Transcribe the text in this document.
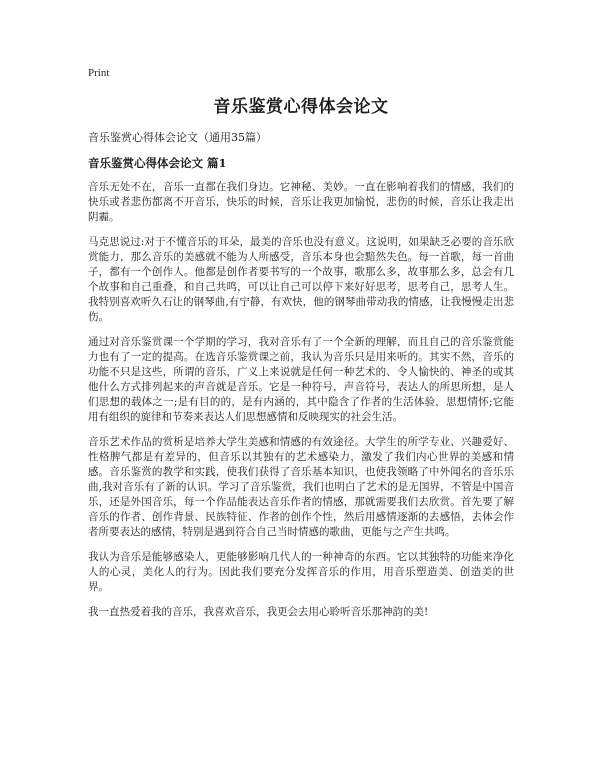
Print
音乐鉴赏心得体会论文
音乐鉴赏心得体会论文（通用35篇）
音乐鉴赏心得体会论文 篇1

音乐无处不在，音乐一直都在我们身边。它神秘、美妙。一直在影响着我们的情感，我们的快乐或者悲伤都离不开音乐，快乐的时候，音乐让我更加愉悦，悲伤的时候，音乐让我走出阴霾。

马克思说过:对于不懂音乐的耳朵，最美的音乐也没有意义。这说明，如果缺乏必要的音乐欣赏能力，那么音乐的美感就不能为人所感受，音乐本身也会黯然失色。每一首歌，每一首曲子，都有一个创作人。他都是创作者要书写的一个故事，歌那么多，故事那么多，总会有几个故事和自己重叠，和自己共鸣，可以让自己可以停下来好好思考，思考自己，思考人生。我特别喜欢听久石让的钢琴曲,有宁静，有欢快，他的钢琴曲带动我的情感，让我慢慢走出悲伤。

通过对音乐鉴赏课一个学期的学习，我对音乐有了一个全新的理解，而且自己的音乐鉴赏能力也有了一定的提高。在选音乐鉴赏课之前，我认为音乐只是用来听的。其实不然，音乐的功能不只是这些，所谓的音乐，广义上来说就是任何一种艺术的、令人愉快的、神圣的或其他什么方式排列起来的声音就是音乐。它是一种符号，声音符号，表达人的所思所想，是人们思想的载体之一;是有目的的，是有内涵的，其中隐含了作者的生活体验，思想情怀;它能用有组织的旋律和节奏来表达人们思想感情和反映现实的社会生活。

音乐艺术作品的赏析是培养大学生美感和情感的有效途径。大学生的所学专业、兴趣爱好、性格脾气都是有差异的，但音乐以其独有的艺术感染力，激发了我们内心世界的美感和情感。音乐鉴赏的教学和实践，使我们获得了音乐基本知识，也使我领略了中外闻名的音乐乐曲,我对音乐有了新的认识。学习了音乐鉴赏，我们也明白了艺术的是无国界，不管是中国音乐，还是外国音乐，每一个作品能表达音乐作者的情感，那就需要我们去欣赏。首先要了解音乐的作者、创作背景、民族特征、作者的创作个性，然后用感情逐渐的去感悟，去体会作者所要表达的感情，特别是遇到符合自己当时情感的歌曲，更能与之产生共鸣。

我认为音乐是能够感染人，更能够影响几代人的一种神奇的东西。它以其独特的功能来净化人的心灵，美化人的行为。因此我们要充分发挥音乐的作用，用音乐塑造美、创造美的世界。

我一直热爱着我的音乐，我喜欢音乐，我更会去用心聆听音乐那神韵的美!
